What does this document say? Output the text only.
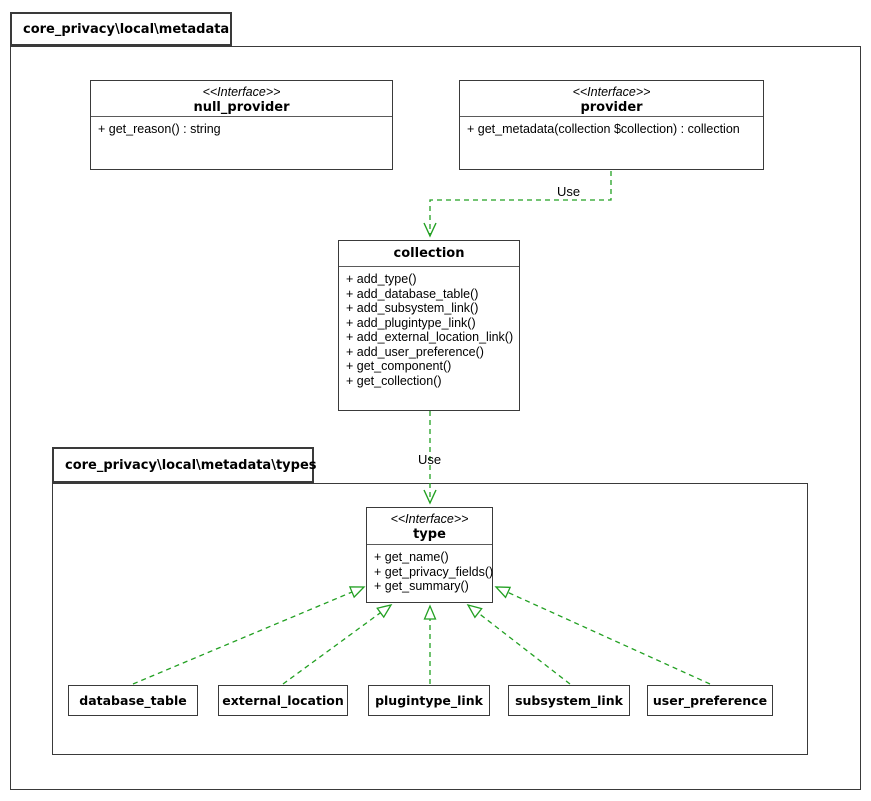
core_privacy\local\metadata
<<Interface>>
null_provider
+ get_reason() : string
<<Interface>>
provider
+ get_metadata(collection $collection) : collection
collection
+ add_type()
+ add_database_table()
+ add_subsystem_link()
+ add_plugintype_link()
+ add_external_location_link()
+ add_user_preference()
+ get_component()
+ get_collection()
core_privacy\local\metadata\types
<<Interface>>
type
+ get_name()
+ get_privacy_fields()
+ get_summary()
database_table	external_location	plugintype_link	subsystem_link	user_preference
Use
Use
